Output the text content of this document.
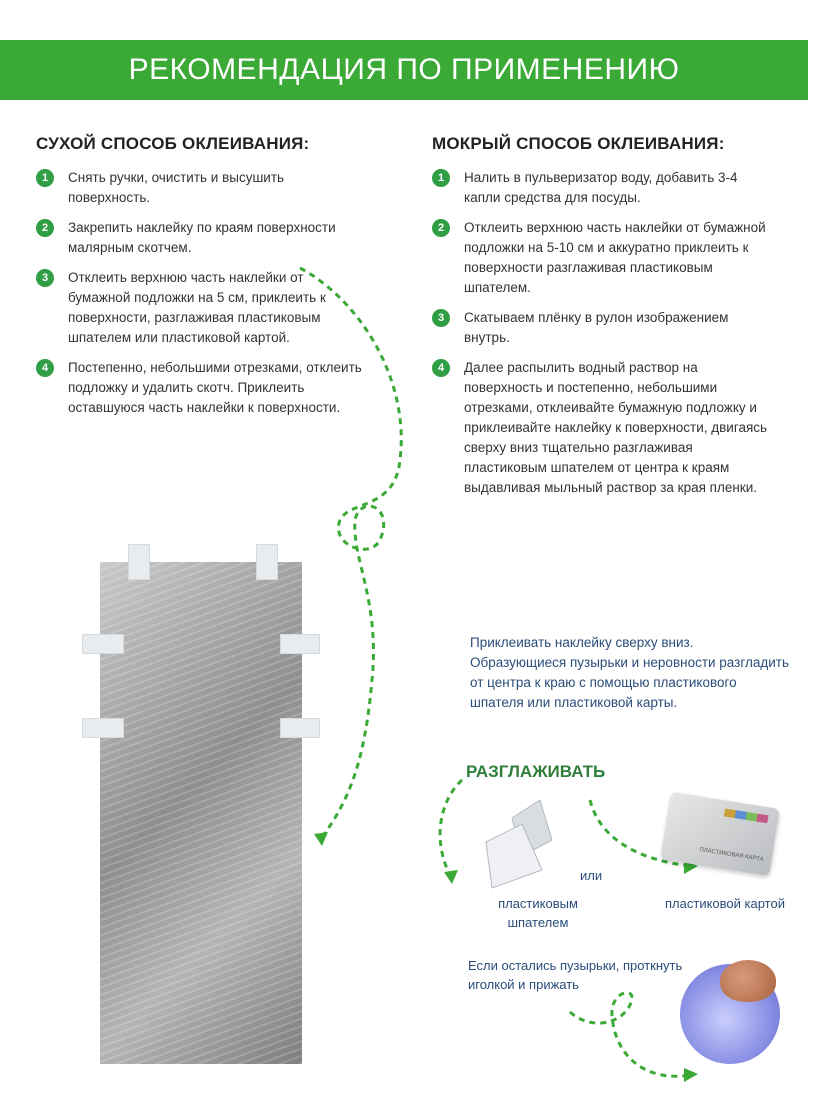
РЕКОМЕНДАЦИЯ ПО ПРИМЕНЕНИЮ
СУХОЙ СПОСОБ ОКЛЕИВАНИЯ:
1	Снять ручки, очистить и высушить поверхность.
2	Закрепить наклейку по краям поверхности малярным скотчем.
3	Отклеить верхнюю часть наклейки от бумажной подложки на 5 см, приклеить к поверхности, разглаживая пластиковым шпателем или пластиковой картой.
4	Постепенно, небольшими отрезками, отклеить подложку и удалить скотч. Приклеить оставшуюся часть наклейки к поверхности.
МОКРЫЙ СПОСОБ ОКЛЕИВАНИЯ:
1	Налить в пульверизатор воду, добавить 3-4 капли средства для посуды.
2	Отклеить верхнюю часть наклейки от бумажной подложки на 5-10 см и аккуратно приклеить к поверхности разглаживая пластиковым шпателем.
3	Скатываем плёнку в рулон изображением внутрь.
4	Далее распылить водный раствор на поверхность и постепенно, небольшими отрезками, отклеивайте бумажную подложку и приклеивайте наклейку к поверхности, двигаясь сверху вниз тщательно разглаживая пластиковым шпателем от центра к краям выдавливая мыльный раствор за края пленки.
Приклеивать наклейку сверху вниз. Образующиеся пузырьки и неровности разгладить от центра к краю с помощью пластикового шпателя или пластиковой карты.
РАЗГЛАЖИВАТЬ
ПЛАСТИКОВАЯ КАРТА
или
пластиковым шпателем
пластиковой картой
Если остались пузырьки, проткнуть иголкой и прижать
